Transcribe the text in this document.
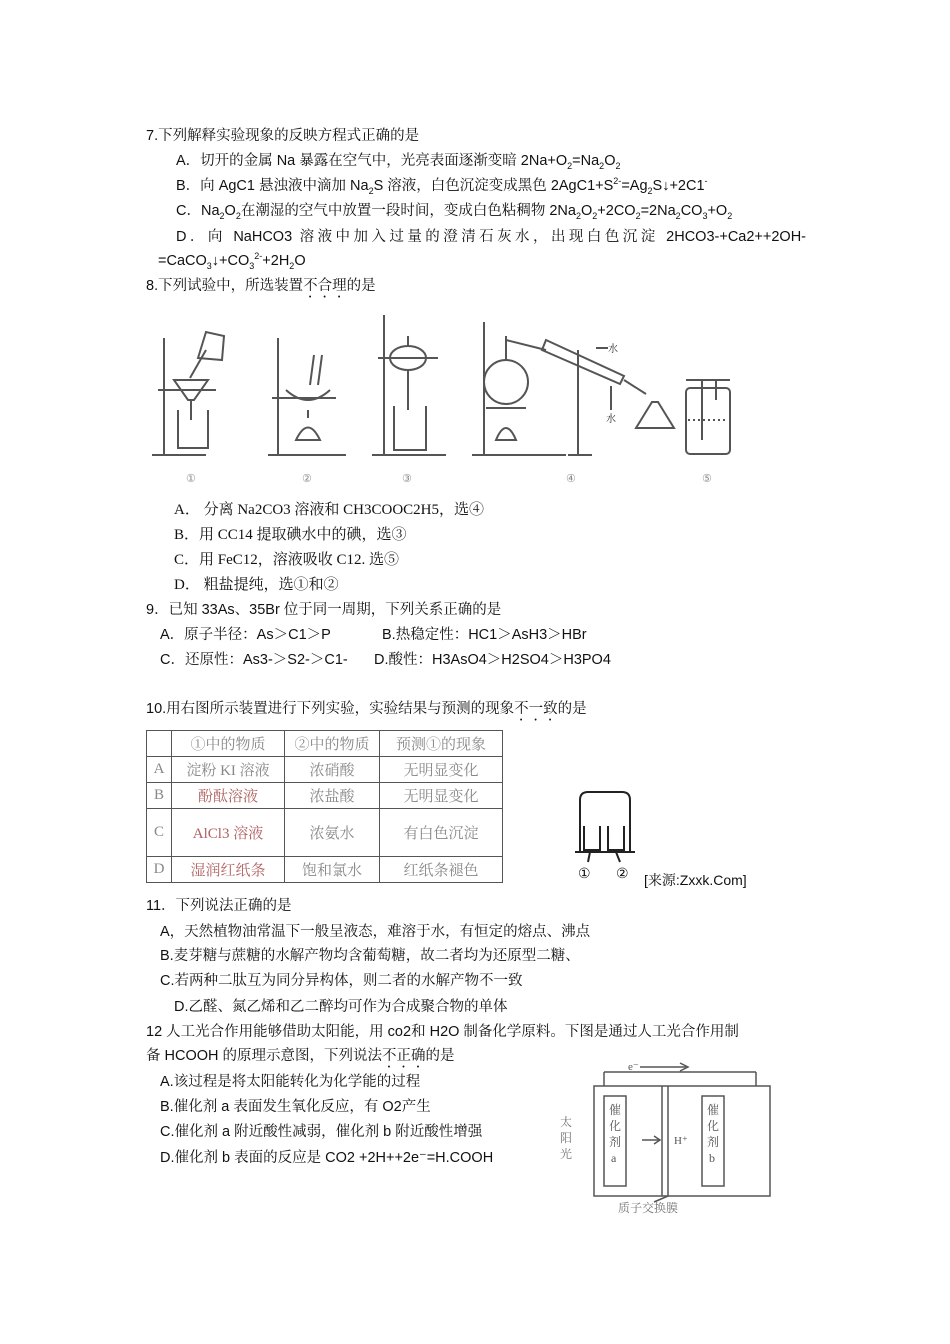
7.下列解释实验现象的反映方程式正确的是
A．切开的金属 Na 暴露在空气中，光亮表面逐渐变暗 $2Na+O_2=Na_2O_2$
B．向 AgC1 悬浊液中滴加 $Na_2S$ 溶液，白色沉淀变成黑色 $2AgC1+S^{2-}=Ag_2S↓+2C1^-$
C．$Na_2O_2$在潮湿的空气中放置一段时间，变成白色粘稠物 $2Na_2O_2+2CO_2=2Na_2CO_3+O_2$
D．向 NaHCO3 溶液中加入过量的澄清石灰水，出现白色沉淀 2HCO3-+Ca2++2OH-
$=CaCO_3↓+CO_3^{2-}+2H_2O$
8.下列试验中，所选装置不合理的是
①	②	③	④	⑤
水
水
A． 分离 Na2CO3 溶液和 CH3COOC2H5，选④
B．用 CC14 提取碘水中的碘，选③
C．用 FeC12，溶液吸收 C12. 选⑤
D． 粗盐提纯，选①和②
9．已知 33As、35Br 位于同一周期，下列关系正确的是
A．原子半径：As＞C1＞P	B.热稳定性：HC1＞AsH3＞HBr
C．还原性：As3-＞S2-＞C1- D.酸性：H3AsO4＞H2SO4＞H3PO4
10.用右图所示装置进行下列实验，实验结果与预测的现象不一致的是
	①中的物质	②中的物质	预测①的现象
A	淀粉 KI 溶液	浓硝酸	无明显变化
B	酚酞溶液	浓盐酸	无明显变化
C	AlCl3 溶液	浓氨水	有白色沉淀
D	湿润红纸条	饱和氯水	红纸条褪色	① ② [来源:Zxxk.Com]
11．下列说法正确的是
A，天然植物油常温下一般呈液态，难溶于水，有恒定的熔点、沸点
B.麦芽糖与蔗糖的水解产物均含葡萄糖，故二者均为还原型二糖、
C.若两种二肽互为同分异构体，则二者的水解产物不一致
D.乙醛、氮乙烯和乙二醉均可作为合成聚合物的单体
12 人工光合作用能够借助太阳能，用 co2和 H2O 制备化学原料。下图是通过人工光合作用制
备 HCOOH 的原理示意图，下列说法不正确的是
A.该过程是将太阳能转化为化学能的过程
B.催化剂 a 表面发生氧化反应，有 O2产生
C.催化剂 a 附近酸性减弱，催化剂 b 附近酸性增强
D.催化剂 b 表面的反应是 CO2 +2H++2e⁻=H.COOH
e⁻
太阳光
催化剂 a
催化剂 b
H⁺
质子交换膜
